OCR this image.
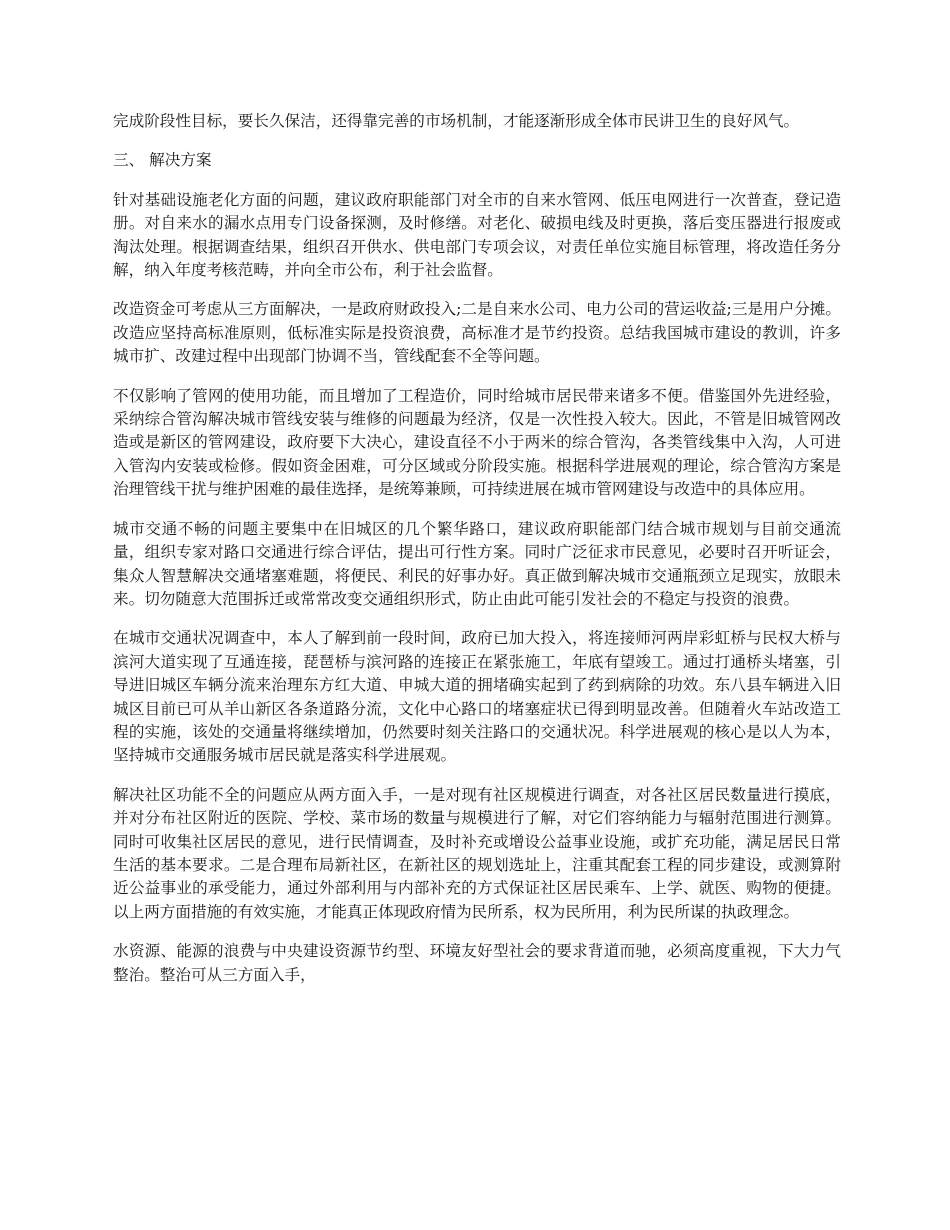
完成阶段性目标，要长久保洁，还得靠完善的市场机制，才能逐渐形成全体市民讲卫生的良好风气。

三、 解决方案

针对基础设施老化方面的问题，建议政府职能部门对全市的自来水管网、低压电网进行一次普查，登记造册。对自来水的漏水点用专门设备探测，及时修缮。对老化、破损电线及时更换，落后变压器进行报废或淘汰处理。根据调查结果，组织召开供水、供电部门专项会议，对责任单位实施目标管理，将改造任务分解，纳入年度考核范畴，并向全市公布，利于社会监督。

改造资金可考虑从三方面解决，一是政府财政投入;二是自来水公司、电力公司的营运收益;三是用户分摊。改造应坚持高标准原则，低标准实际是投资浪费，高标准才是节约投资。总结我国城市建设的教训，许多城市扩、改建过程中出现部门协调不当，管线配套不全等问题。

不仅影响了管网的使用功能，而且增加了工程造价，同时给城市居民带来诸多不便。借鉴国外先进经验，采纳综合管沟解决城市管线安装与维修的问题最为经济，仅是一次性投入较大。因此，不管是旧城管网改造或是新区的管网建设，政府要下大决心，建设直径不小于两米的综合管沟，各类管线集中入沟，人可进入管沟内安装或检修。假如资金困难，可分区域或分阶段实施。根据科学进展观的理论，综合管沟方案是治理管线干扰与维护困难的最佳选择，是统筹兼顾，可持续进展在城市管网建设与改造中的具体应用。

城市交通不畅的问题主要集中在旧城区的几个繁华路口，建议政府职能部门结合城市规划与目前交通流量，组织专家对路口交通进行综合评估，提出可行性方案。同时广泛征求市民意见，必要时召开听证会，集众人智慧解决交通堵塞难题，将便民、利民的好事办好。真正做到解决城市交通瓶颈立足现实，放眼未来。切勿随意大范围拆迁或常常改变交通组织形式，防止由此可能引发社会的不稳定与投资的浪费。

在城市交通状况调查中，本人了解到前一段时间，政府已加大投入，将连接师河两岸彩虹桥与民权大桥与滨河大道实现了互通连接，琵琶桥与滨河路的连接正在紧张施工，年底有望竣工。通过打通桥头堵塞，引导进旧城区车辆分流来治理东方红大道、申城大道的拥堵确实起到了药到病除的功效。东八县车辆进入旧城区目前已可从羊山新区各条道路分流，文化中心路口的堵塞症状已得到明显改善。但随着火车站改造工程的实施，该处的交通量将继续增加，仍然要时刻关注路口的交通状况。科学进展观的核心是以人为本，坚持城市交通服务城市居民就是落实科学进展观。

解决社区功能不全的问题应从两方面入手，一是对现有社区规模进行调查，对各社区居民数量进行摸底，并对分布社区附近的医院、学校、菜市场的数量与规模进行了解，对它们容纳能力与辐射范围进行测算。同时可收集社区居民的意见，进行民情调查，及时补充或增设公益事业设施，或扩充功能，满足居民日常生活的基本要求。二是合理布局新社区，在新社区的规划选址上，注重其配套工程的同步建设，或测算附近公益事业的承受能力，通过外部利用与内部补充的方式保证社区居民乘车、上学、就医、购物的便捷。以上两方面措施的有效实施，才能真正体现政府情为民所系，权为民所用，利为民所谋的执政理念。

水资源、能源的浪费与中央建设资源节约型、环境友好型社会的要求背道而驰，必须高度重视，下大力气整治。整治可从三方面入手，
